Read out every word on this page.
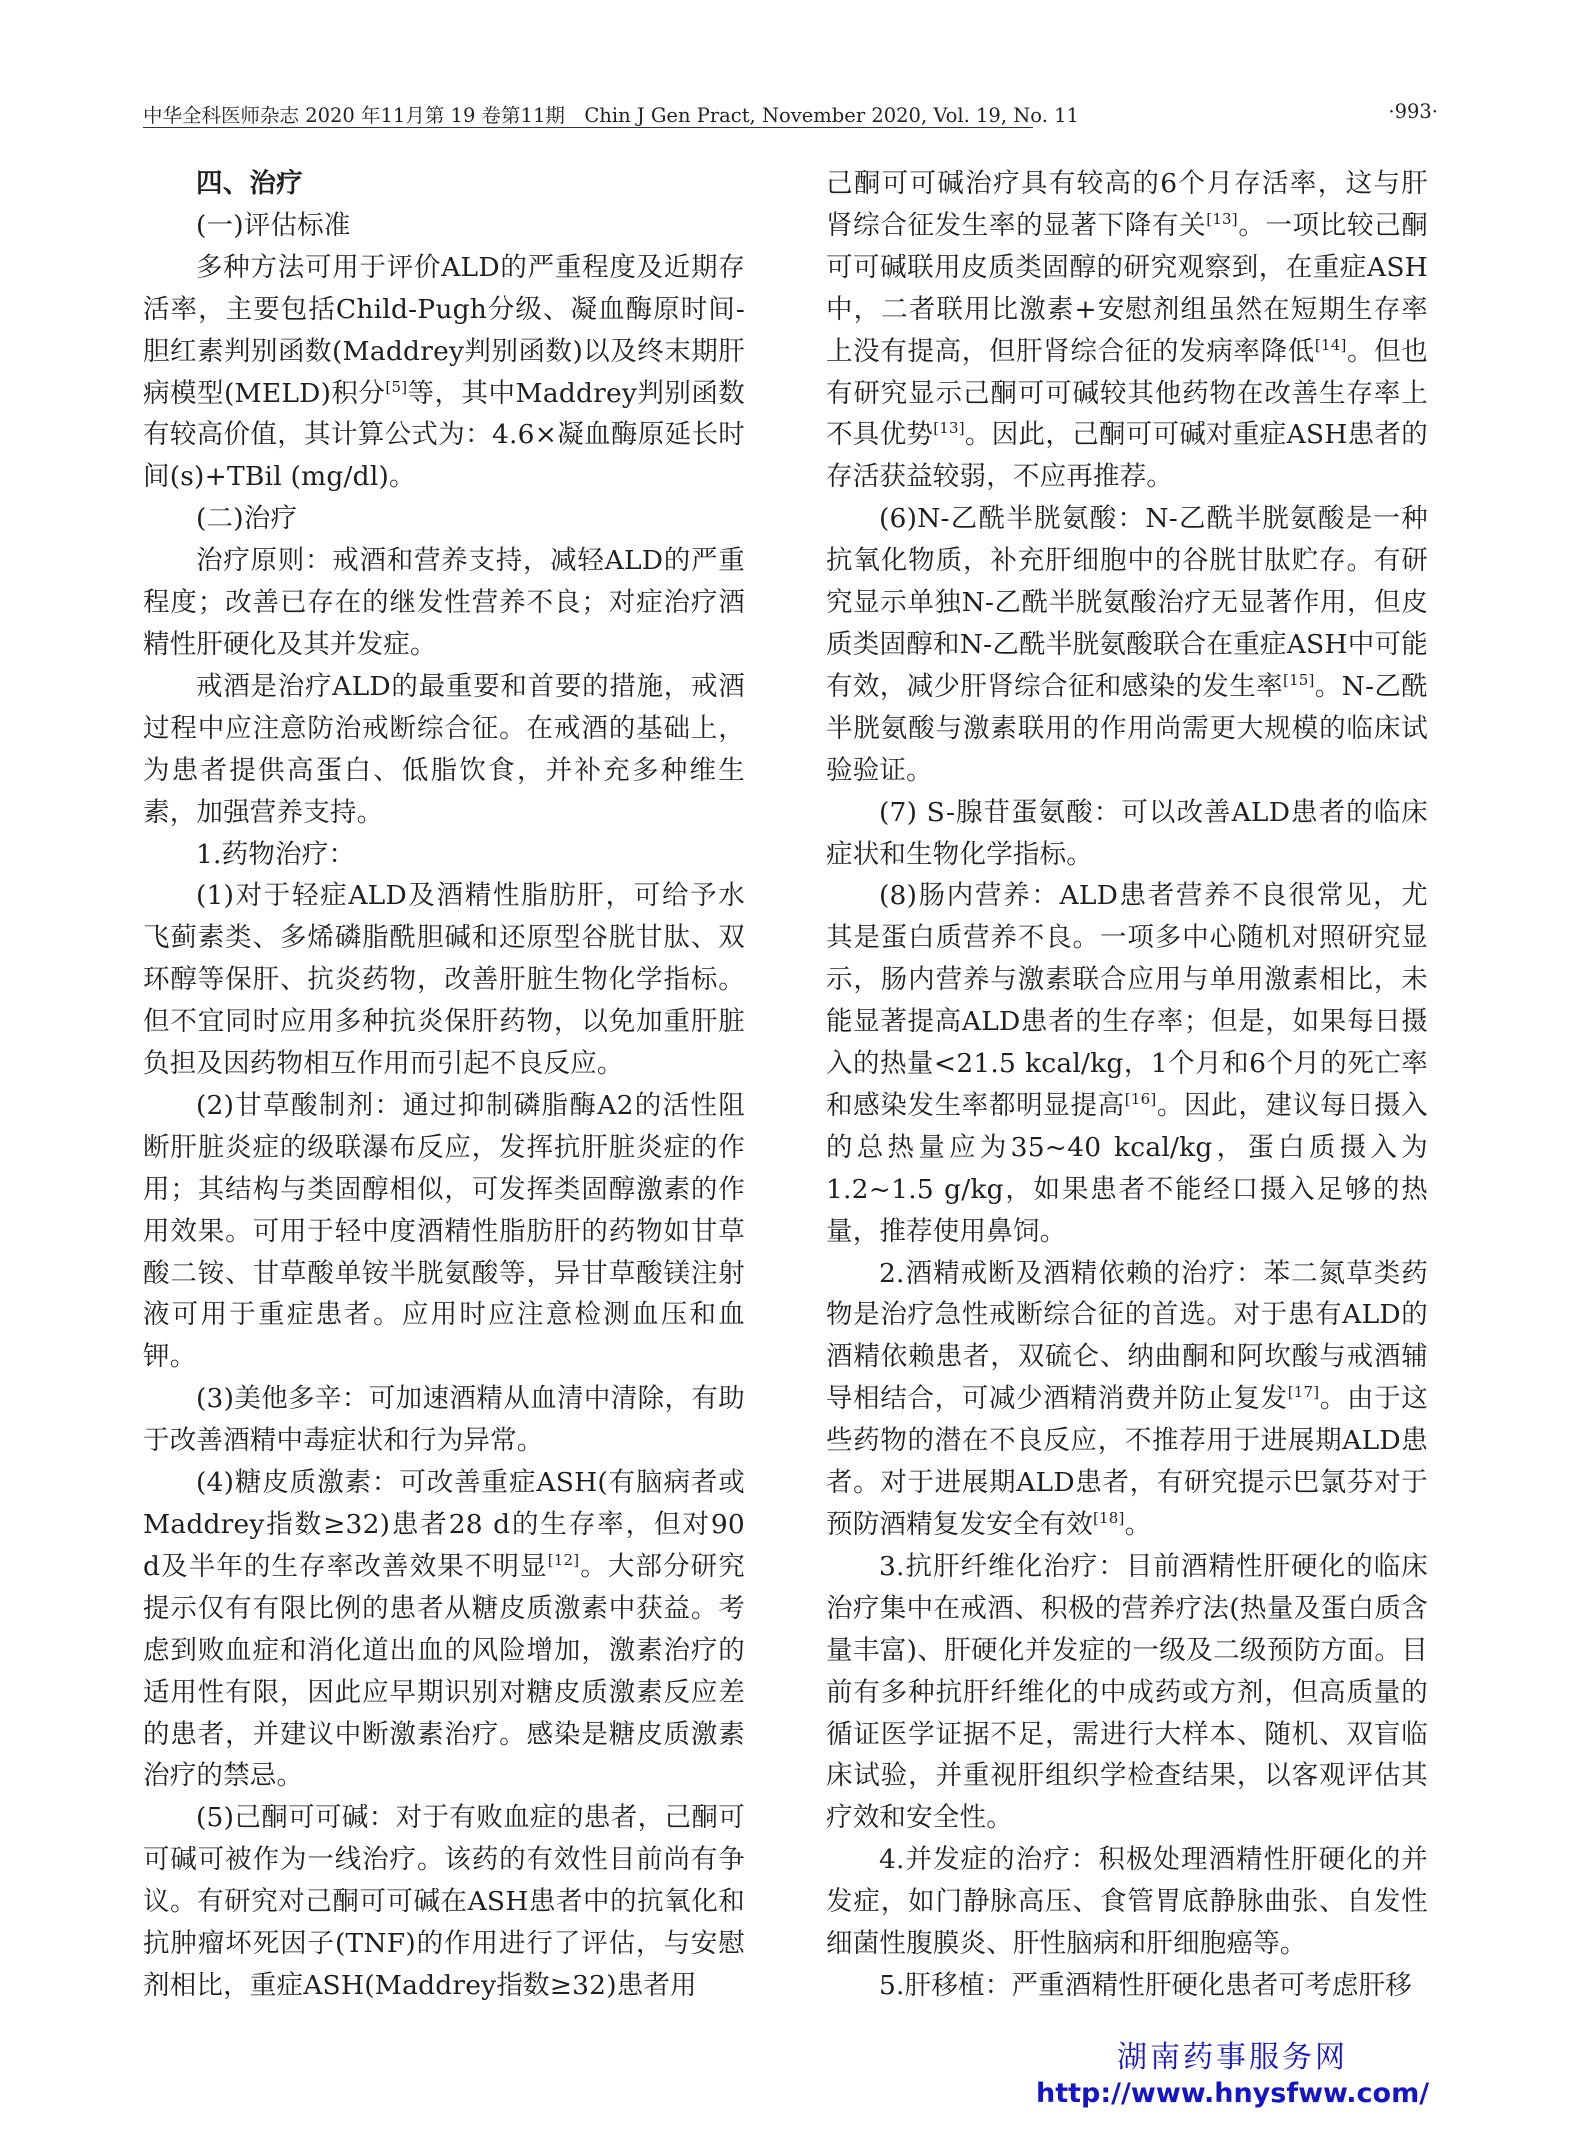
中华全科医师杂志 2020 年11月第 19 卷第11期　Chin J Gen Pract, November 2020, Vol. 19, No. 11	·993·

四、治疗

(一)评估标准

多种方法可用于评价ALD的严重程度及近期存活率，主要包括Child-Pugh分级、凝血酶原时间-胆红素判别函数(Maddrey判别函数)以及终末期肝病模型(MELD)积分[5]等，其中Maddrey判别函数有较高价值，其计算公式为：4.6×凝血酶原延长时间(s)+TBil (mg/dl)。

(二)治疗

治疗原则：戒酒和营养支持，减轻ALD的严重程度；改善已存在的继发性营养不良；对症治疗酒精性肝硬化及其并发症。

戒酒是治疗ALD的最重要和首要的措施，戒酒过程中应注意防治戒断综合征。在戒酒的基础上，为患者提供高蛋白、低脂饮食，并补充多种维生素，加强营养支持。

1.药物治疗：

(1)对于轻症ALD及酒精性脂肪肝，可给予水飞蓟素类、多烯磷脂酰胆碱和还原型谷胱甘肽、双环醇等保肝、抗炎药物，改善肝脏生物化学指标。但不宜同时应用多种抗炎保肝药物，以免加重肝脏负担及因药物相互作用而引起不良反应。

(2)甘草酸制剂：通过抑制磷脂酶A2的活性阻断肝脏炎症的级联瀑布反应，发挥抗肝脏炎症的作用；其结构与类固醇相似，可发挥类固醇激素的作用效果。可用于轻中度酒精性脂肪肝的药物如甘草酸二铵、甘草酸单铵半胱氨酸等，异甘草酸镁注射液可用于重症患者。应用时应注意检测血压和血钾。

(3)美他多辛：可加速酒精从血清中清除，有助于改善酒精中毒症状和行为异常。

(4)糖皮质激素：可改善重症ASH(有脑病者或Maddrey指数≥32)患者28 d的生存率，但对90 d及半年的生存率改善效果不明显[12]。大部分研究提示仅有有限比例的患者从糖皮质激素中获益。考虑到败血症和消化道出血的风险增加，激素治疗的适用性有限，因此应早期识别对糖皮质激素反应差的患者，并建议中断激素治疗。感染是糖皮质激素治疗的禁忌。

(5)己酮可可碱：对于有败血症的患者，己酮可可碱可被作为一线治疗。该药的有效性目前尚有争议。有研究对己酮可可碱在ASH患者中的抗氧化和抗肿瘤坏死因子(TNF)的作用进行了评估，与安慰剂相比，重症ASH(Maddrey指数≥32)患者用

己酮可可碱治疗具有较高的6个月存活率，这与肝肾综合征发生率的显著下降有关[13]。一项比较己酮可可碱联用皮质类固醇的研究观察到，在重症ASH中，二者联用比激素+安慰剂组虽然在短期生存率上没有提高，但肝肾综合征的发病率降低[14]。但也有研究显示己酮可可碱较其他药物在改善生存率上不具优势[13]。因此，己酮可可碱对重症ASH患者的存活获益较弱，不应再推荐。

(6)N-乙酰半胱氨酸：N-乙酰半胱氨酸是一种抗氧化物质，补充肝细胞中的谷胱甘肽贮存。有研究显示单独N-乙酰半胱氨酸治疗无显著作用，但皮质类固醇和N-乙酰半胱氨酸联合在重症ASH中可能有效，减少肝肾综合征和感染的发生率[15]。N-乙酰半胱氨酸与激素联用的作用尚需更大规模的临床试验验证。

(7) S-腺苷蛋氨酸：可以改善ALD患者的临床症状和生物化学指标。

(8)肠内营养：ALD患者营养不良很常见，尤其是蛋白质营养不良。一项多中心随机对照研究显示，肠内营养与激素联合应用与单用激素相比，未能显著提高ALD患者的生存率；但是，如果每日摄入的热量<21.5 kcal/kg，1个月和6个月的死亡率和感染发生率都明显提高[16]。因此，建议每日摄入的总热量应为35~40 kcal/kg，蛋白质摄入为1.2~1.5 g/kg，如果患者不能经口摄入足够的热量，推荐使用鼻饲。

2.酒精戒断及酒精依赖的治疗：苯二氮草类药物是治疗急性戒断综合征的首选。对于患有ALD的酒精依赖患者，双硫仑、纳曲酮和阿坎酸与戒酒辅导相结合，可减少酒精消费并防止复发[17]。由于这些药物的潜在不良反应，不推荐用于进展期ALD患者。对于进展期ALD患者，有研究提示巴氯芬对于预防酒精复发安全有效[18]。

3.抗肝纤维化治疗：目前酒精性肝硬化的临床治疗集中在戒酒、积极的营养疗法(热量及蛋白质含量丰富)、肝硬化并发症的一级及二级预防方面。目前有多种抗肝纤维化的中成药或方剂，但高质量的循证医学证据不足，需进行大样本、随机、双盲临床试验，并重视肝组织学检查结果，以客观评估其疗效和安全性。

4.并发症的治疗：积极处理酒精性肝硬化的并发症，如门静脉高压、食管胃底静脉曲张、自发性细菌性腹膜炎、肝性脑病和肝细胞癌等。

5.肝移植：严重酒精性肝硬化患者可考虑肝移

湖南药事服务网
http://www.hnysfww.com/
